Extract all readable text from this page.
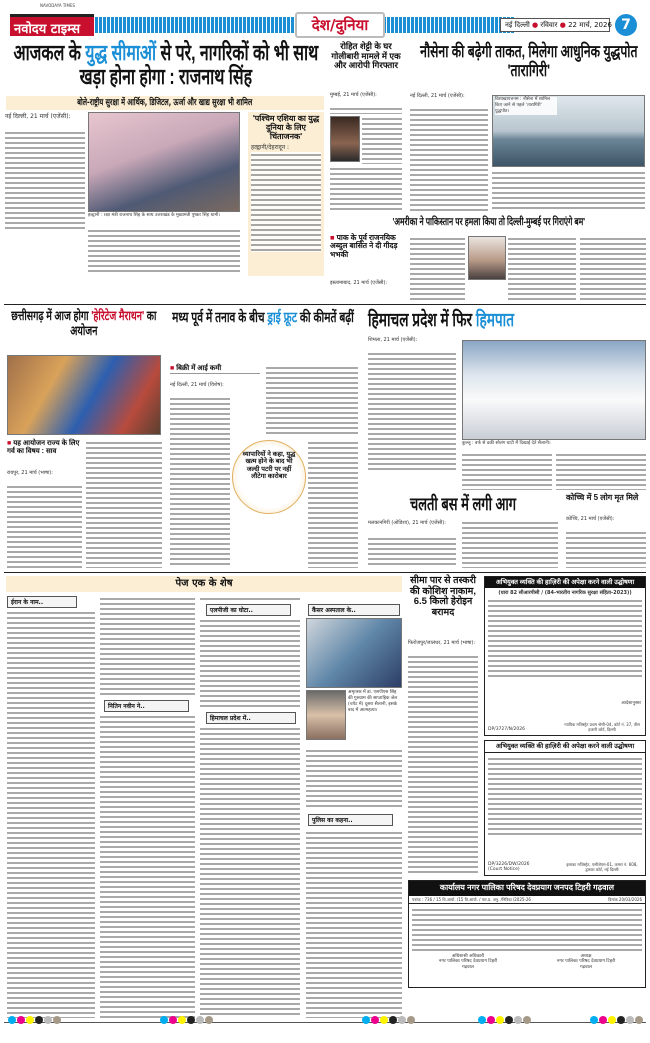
NAVODAYA TIMES
नवोदय टाइम्स	देश/दुनिया	नई दिल्ली ● रविवार ● 22 मार्च, 2026 7
आजकल के युद्ध सीमाओं से परे, नागरिकों को भी साथ खड़ा होना होगा : राजनाथ सिंह
बोले-राष्ट्रीय सुरक्षा में आर्थिक, डिजिटल, ऊर्जा और खाद्य सुरक्षा भी शामिल
नई दिल्ली, 21 मार्च (एजेंसी):
हल्द्वानी : रक्षा मंत्री राजनाथ सिंह के साथ उत्तराखंड के मुख्यमंत्री पुष्कर सिंह धामी।
'पश्चिम एशिया का युद्ध दुनिया के लिए चिंताजनक'
हल्द्वानी/देहरादून :
रोहित शेट्टी के घर गोलीबारी मामले में एक और आरोपी गिरफ्तार
मुम्बई, 21 मार्च (एजेंसी):
नौसेना की बढ़ेगी ताकत, मिलेगा आधुनिक युद्धपोत 'तारागिरी'
नई दिल्ली, 21 मार्च (एजेंसी):
विशाखापत्तनम : नौसेना में शामिल किए जाने से पहले 'तारागिरी' युद्धपोत।
'अमरीका ने पाकिस्तान पर हमला किया तो दिल्ली-मुम्बई पर गिराएंगे बम'
■ पाक के पूर्व राजनयिक अब्दुल बासित ने दी गीदड़ भभकी
इस्लामाबाद, 21 मार्च (एजेंसी):
छत्तीसगढ़ में आज होगा 'हेरिटेज मैराथन' का अयोजन
■ यह आयोजन राज्य के लिए गर्व का विषय : साव
रायपुर, 21 मार्च (भाषा):
मध्य पूर्व में तनाव के बीच ड्राई फ्रूट की कीमतें बढ़ीं
■ बिक्री में आई कमी
नई दिल्ली, 21 मार्च (विशेष):
व्यापारियों ने कहा, युद्ध खत्म होने के बाद भी जल्दी पटरी पर नहीं लौटेगा कारोबार
हिमाचल प्रदेश में फिर हिमपात
शिमला, 21 मार्च (एजेंसी):
कुल्लू : बर्फ से ढकी सोलंग घाटी में दिखाई देते सैलानी।
चलती बस में लगी आग
मलकानगिरी (ओडिशा), 21 मार्च (एजेंसी):
कोच्चि में 5 लोग मृत मिले
कोच्चि, 21 मार्च (एजेंसी):
पेज एक के शेष
ईरान के नाम..
नितिन नवीन ने..
एलपीजी का घोटा..
हिमाचल प्रदेश में..
कैंसर अस्पताल के..
अमृतसर में डा. एसपीएस सिंह की गुरुग्राम की साप्ताहिक जेल (चपेट में) दूसरा सैलानी, इसके बाद में आत्महत्या।
पुलिस का कहना..
सीमा पार से तस्करी की कोशिश नाकाम, 6.5 किलो हेरोइन बरामद
फिरोजपुर/जालंधर, 21 मार्च (भाषा):
अभियुक्त व्यक्ति की हाज़िरी की अपेक्षा करने वाली उद्घोषणा
(धारा 82 सीआरपीसी / (84-भारतीय नागरिक सुरक्षा संहिता-2023))
आदेशानुसार
DP/3727/N/2026
न्यायिक मजिस्ट्रेट प्रथम श्रेणी-04, कोर्ट नं. 37, तीस हजारी कोर्ट, दिल्ली
अभियुक्त व्यक्ति की हाज़िरी की अपेक्षा करने वाली उद्घोषणा
DP/3226/DW/2026
(Court Notice)
इलाका मजिस्ट्रेट, एसीजेएम-01, कमरा नं. 608, द्वारका कोर्ट, नई दिल्ली
कार्यालय नगर पालिका परिषद देवप्रयाग जनपद टिहरी गढ़वाल
पत्रांक : 736 / 15 वि.आयो. /15 वि.आयो. / पार.प्र. अनु. /निविदा /2025-26	दिनांक 20/03/2026
अधिशासी अधिकारी
नगर पालिका परिषद देवप्रयाग टिहरी गढ़वाल
अध्यक्ष
नगर पालिका परिषद देवप्रयाग टिहरी गढ़वाल
